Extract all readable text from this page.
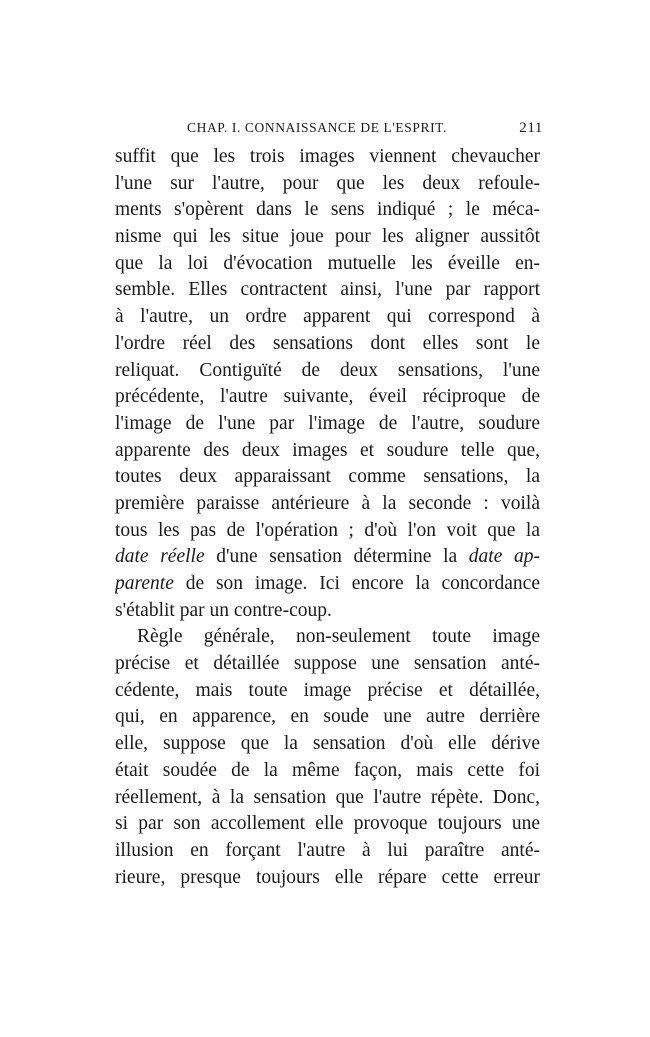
CHAP. I. CONNAISSANCE DE L'ESPRIT.	211
suffit que les trois images viennent chevaucher
l'une sur l'autre, pour que les deux refoule-
ments s'opèrent dans le sens indiqué ; le méca-
nisme qui les situe joue pour les aligner aussitôt
que la loi d'évocation mutuelle les éveille en-
semble. Elles contractent ainsi, l'une par rapport
à l'autre, un ordre apparent qui correspond à
l'ordre réel des sensations dont elles sont le
reliquat. Contiguïté de deux sensations, l'une
précédente, l'autre suivante, éveil réciproque de
l'image de l'une par l'image de l'autre, soudure
apparente des deux images et soudure telle que,
toutes deux apparaissant comme sensations, la
première paraisse antérieure à la seconde : voilà
tous les pas de l'opération ; d'où l'on voit que la
date réelle d'une sensation détermine la date ap-
parente de son image. Ici encore la concordance
s'établit par un contre-coup.
Règle générale, non-seulement toute image
précise et détaillée suppose une sensation anté-
cédente, mais toute image précise et détaillée,
qui, en apparence, en soude une autre derrière
elle, suppose que la sensation d'où elle dérive
était soudée de la même façon, mais cette foi
réellement, à la sensation que l'autre répète. Donc,
si par son accollement elle provoque toujours une
illusion en forçant l'autre à lui paraître anté-
rieure, presque toujours elle répare cette erreur
